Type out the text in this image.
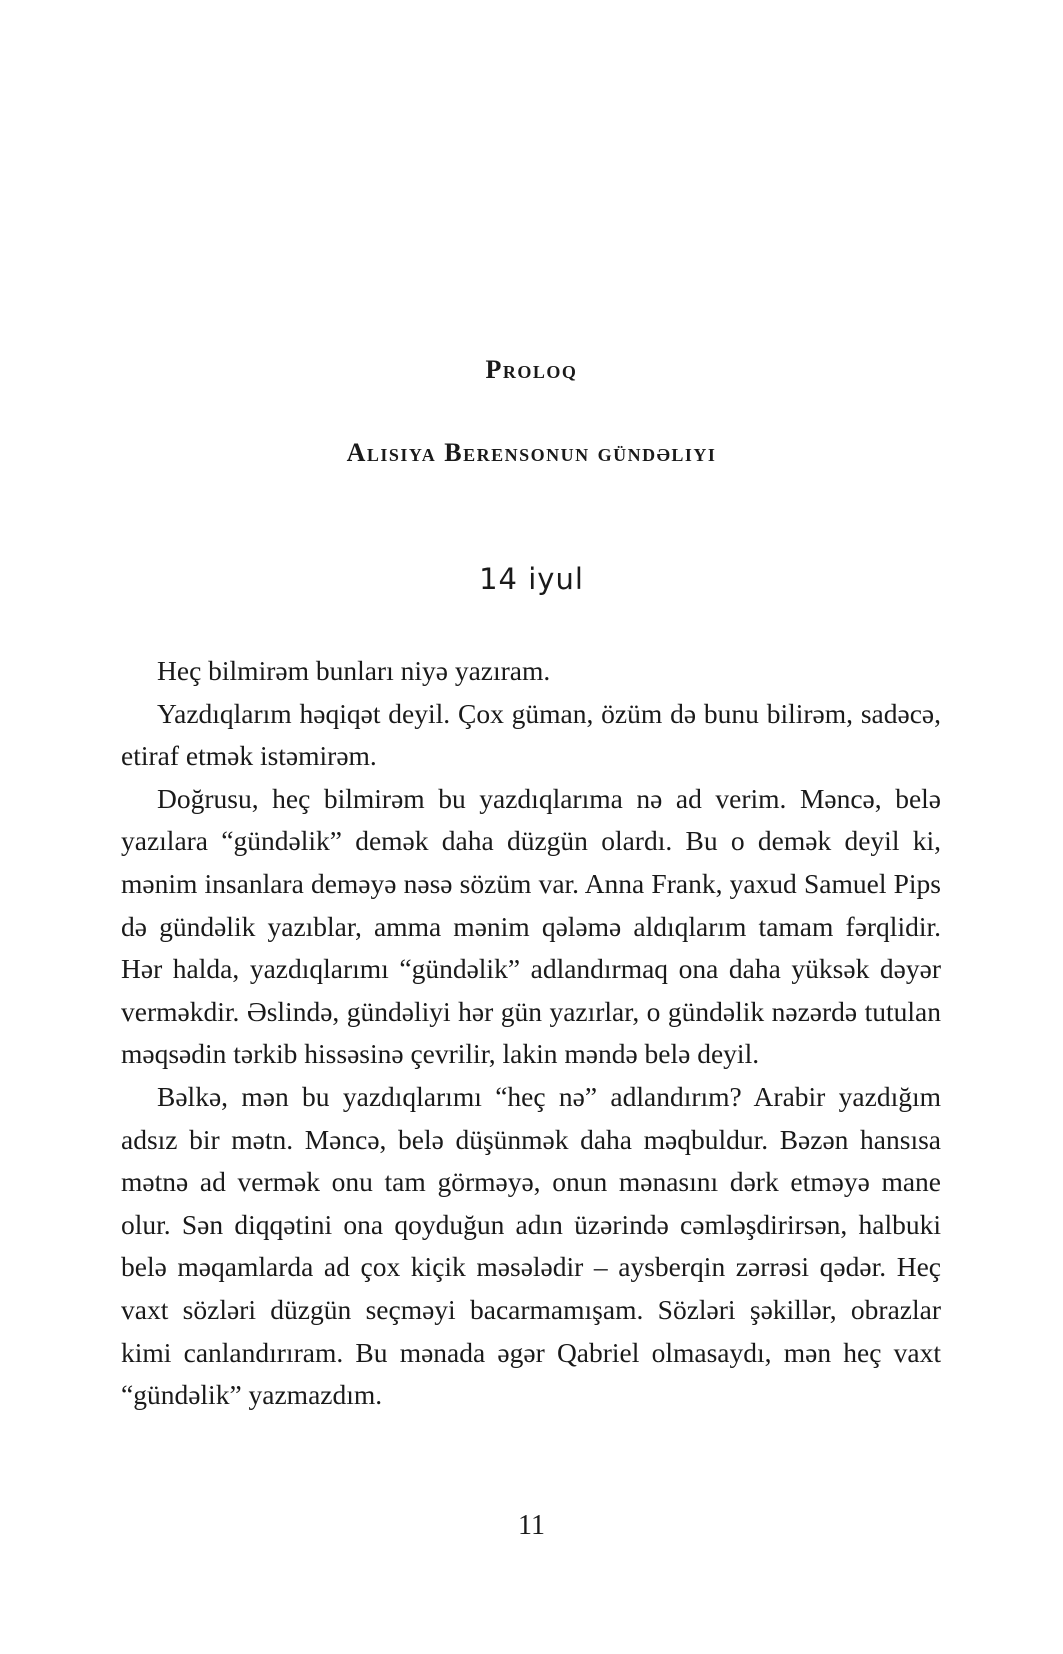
Proloq
Alisiya Berensonun gündəliyi
14 iyul

Heç bilmirəm bunları niyə yazıram.

Yazdıqlarım həqiqət deyil. Çox güman, özüm də bunu bilirəm, sadəcə, etiraf etmək istəmirəm.

Doğrusu, heç bilmirəm bu yazdıqlarıma nə ad verim. Məncə, belə yazılara “gündəlik” demək daha düzgün olardı. Bu o demək deyil ki, mənim insanlara deməyə nəsə sözüm var. Anna Frank, yaxud Samuel Pips də gündəlik yazıblar, amma mənim qələmə aldıqlarım tamam fərqlidir. Hər halda, yazdıqlarımı “gündəlik” adlandırmaq ona daha yüksək dəyər verməkdir. Əslində, gündəliyi hər gün yazırlar, o gündəlik nəzərdə tutulan məqsədin tərkib hissəsinə çevrilir, lakin məndə belə deyil.

Bəlkə, mən bu yazdıqlarımı “heç nə” adlandırım? Arabir yazdığım adsız bir mətn. Məncə, belə düşünmək daha məqbuldur. Bəzən hansısa mətnə ad vermək onu tam görməyə, onun mənasını dərk etməyə mane olur. Sən diqqətini ona qoyduğun adın üzərində cəmləşdirirsən, halbuki belə məqamlarda ad çox kiçik məsələdir – aysberqin zərrəsi qədər. Heç vaxt sözləri düzgün seçməyi bacarmamışam. Sözləri şəkillər, obrazlar kimi canlandırıram. Bu mənada əgər Qabriel olmasaydı, mən heç vaxt “gündəlik” yazmazdım.

11
